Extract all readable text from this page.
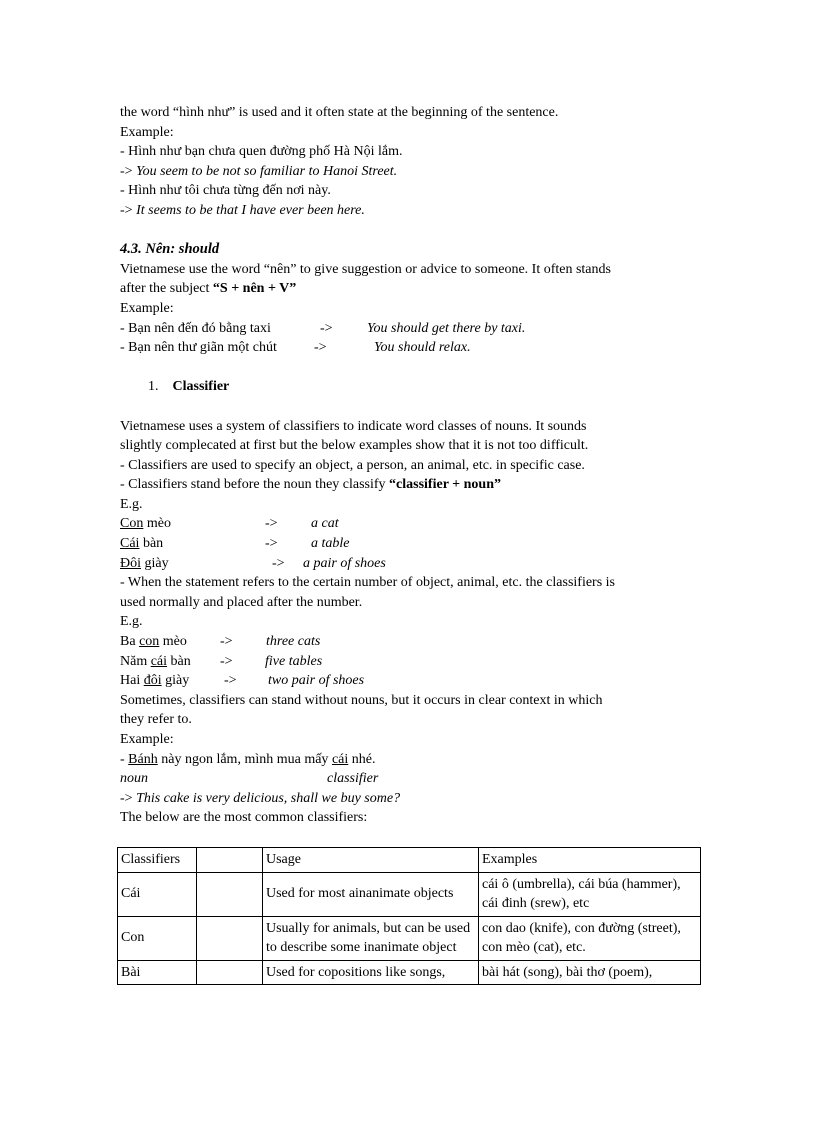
the word “hình như” is used and it often state at the beginning of the sentence.
Example:
- Hình như bạn chưa quen đường phố Hà Nội lắm.
-> You seem to be not so familiar to Hanoi Street.
- Hình như tôi chưa từng đến nơi này.
-> It seems to be that I have ever been here.
4.3. Nên: should
Vietnamese use the word “nên” to give suggestion or advice to someone. It often stands
after the subject “S + nên + V”
Example:
- Bạn nên đến đó bằng taxi	-> You should get there by taxi.
- Bạn nên thư giãn một chút	->	You should relax.
1. Classifier
Vietnamese uses a system of classifiers to indicate word classes of nouns. It sounds
slightly complecated at first but the below examples show that it is not too difficult.
- Classifiers are used to specify an object, a person, an animal, etc. in specific case.
- Classifiers stand before the noun they classify “classifier + noun”
E.g.
Con mèo	-> a cat
Cái bàn	-> a table
Đôi giày	-> a pair of shoes
- When the statement refers to the certain number of object, animal, etc. the classifiers is
used normally and placed after the number.
E.g.
Ba con mèo -> three cats
Năm cái bàn -> five tables
Hai đôi giày -> two pair of shoes
Sometimes, classifiers can stand without nouns, but it occurs in clear context in which
they refer to.
Example:
- Bánh này ngon lắm, mình mua mấy cái nhé.
noun	classifier
-> This cake is very delicious, shall we buy some?
The below are the most common classifiers:
Classifiers		Usage	Examples
Cái		Used for most ainanimate objects	cái ô (umbrella), cái búa (hammer), cái đinh (srew), etc
Con		Usually for animals, but can be used to describe some inanimate object	con dao (knife), con đường (street), con mèo (cat), etc.
Bài		Used for copositions like songs,	bài hát (song), bài thơ (poem),
